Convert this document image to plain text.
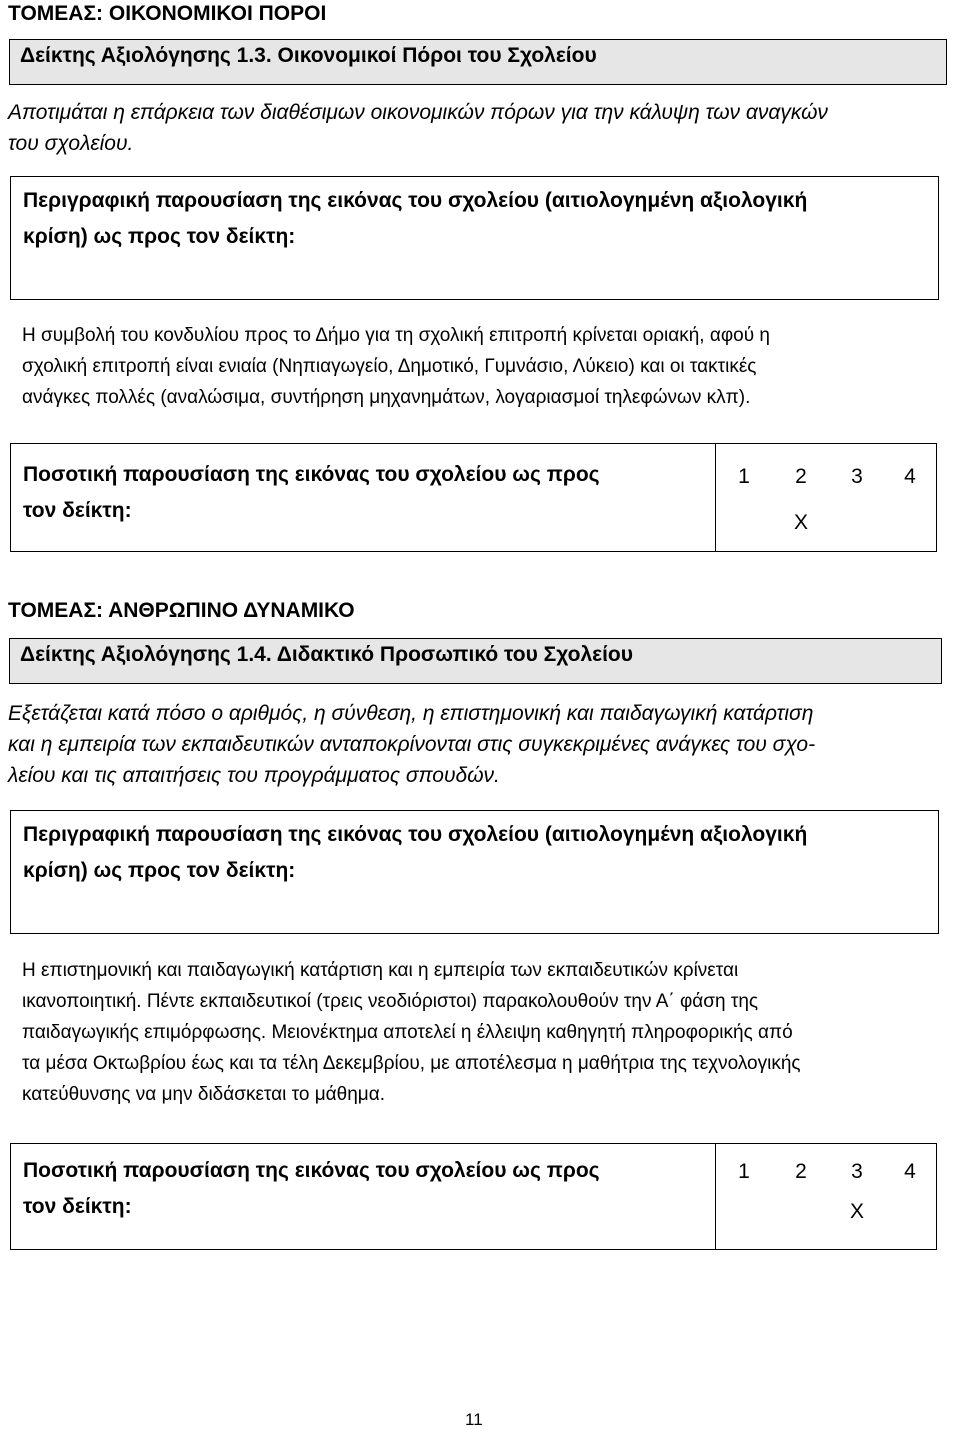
ΤΟΜΕΑΣ: ΟΙΚΟΝΟΜΙΚΟΙ ΠΟΡΟΙ
Δείκτης Αξιολόγησης 1.3. Οικονομικοί Πόροι του Σχολείου
Αποτιμάται η επάρκεια των διαθέσιμων οικονομικών πόρων για την κάλυψη των αναγκών
του σχολείου.
Περιγραφική παρουσίαση της εικόνας του σχολείου (αιτιολογημένη αξιολογική
κρίση) ως προς τον δείκτη:
Η συμβολή του κονδυλίου προς το Δήμο για τη σχολική επιτροπή κρίνεται οριακή, αφού η
σχολική επιτροπή είναι ενιαία (Νηπιαγωγείο, Δημοτικό, Γυμνάσιο, Λύκειο) και οι τακτικές
ανάγκες πολλές (αναλώσιμα, συντήρηση μηχανημάτων, λογαριασμοί τηλεφώνων κλπ).
Ποσοτική παρουσίαση της εικόνας του σχολείου ως προς
τον δείκτη:
1 2 3 4
X
ΤΟΜΕΑΣ: ΑΝΘΡΩΠΙΝΟ ΔΥΝΑΜΙΚΟ
Δείκτης Αξιολόγησης 1.4. Διδακτικό Προσωπικό του Σχολείου
Εξετάζεται κατά πόσο ο αριθμός, η σύνθεση, η επιστημονική και παιδαγωγική κατάρτιση
και η εμπειρία των εκπαιδευτικών ανταποκρίνονται στις συγκεκριμένες ανάγκες του σχο-
λείου και τις απαιτήσεις του προγράμματος σπουδών.
Περιγραφική παρουσίαση της εικόνας του σχολείου (αιτιολογημένη αξιολογική
κρίση) ως προς τον δείκτη:
Η επιστημονική και παιδαγωγική κατάρτιση και η εμπειρία των εκπαιδευτικών κρίνεται
ικανοποιητική. Πέντε εκπαιδευτικοί (τρεις νεοδιόριστοι) παρακολουθούν την Α΄ φάση της
παιδαγωγικής επιμόρφωσης. Μειονέκτημα αποτελεί η έλλειψη καθηγητή πληροφορικής από
τα μέσα Οκτωβρίου έως και τα τέλη Δεκεμβρίου, με αποτέλεσμα η μαθήτρια της τεχνολογικής
κατεύθυνσης να μην διδάσκεται το μάθημα.
Ποσοτική παρουσίαση της εικόνας του σχολείου ως προς
τον δείκτη:
1 2 3 4
X
11
